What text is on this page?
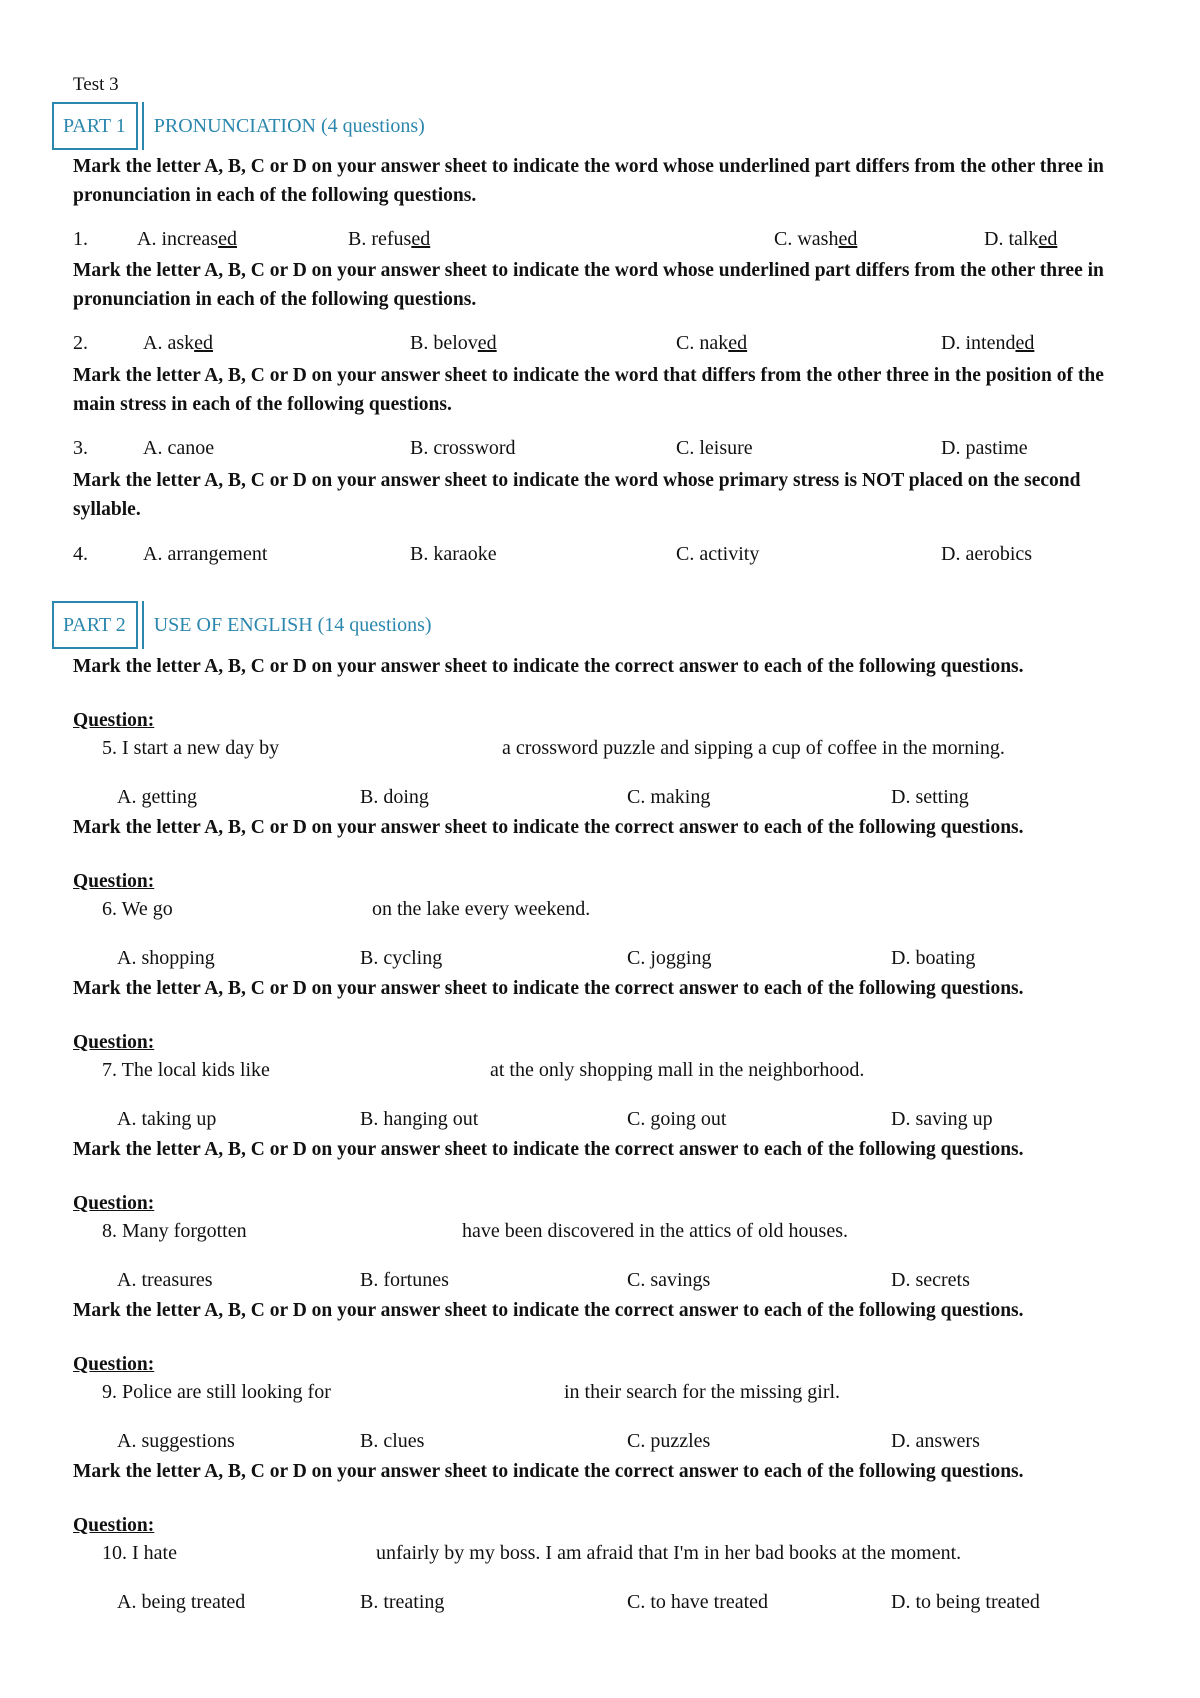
Test 3
PART 1	PRONUNCIATION (4 questions)
Mark the letter A, B, C or D on your answer sheet to indicate the word whose underlined part differs from the other three in pronunciation in each of the following questions.
1. A. increased	B. refused	C. washed	D. talked
Mark the letter A, B, C or D on your answer sheet to indicate the word whose underlined part differs from the other three in pronunciation in each of the following questions.
2.	A. asked	B. beloved	C. naked	D. intended
Mark the letter A, B, C or D on your answer sheet to indicate the word that differs from the other three in the position of the main stress in each of the following questions.
3.	A. canoe	B. crossword	C. leisure	D. pastime
Mark the letter A, B, C or D on your answer sheet to indicate the word whose primary stress is NOT placed on the second syllable.
4.	A. arrangement	B. karaoke	C. activity	D. aerobics
PART 2	USE OF ENGLISH (14 questions)
Mark the letter A, B, C or D on your answer sheet to indicate the correct answer to each of the following questions.
Question:
5. I start a new day by	a crossword puzzle and sipping a cup of coffee in the morning.
A. getting	B. doing	C. making	D. setting
Mark the letter A, B, C or D on your answer sheet to indicate the correct answer to each of the following questions.
Question:
6. We go	on the lake every weekend.
A. shopping	B. cycling	C. jogging	D. boating
Mark the letter A, B, C or D on your answer sheet to indicate the correct answer to each of the following questions.
Question:
7. The local kids like	at the only shopping mall in the neighborhood.
A. taking up	B. hanging out	C. going out	D. saving up
Mark the letter A, B, C or D on your answer sheet to indicate the correct answer to each of the following questions.
Question:
8. Many forgotten	have been discovered in the attics of old houses.
A. treasures	B. fortunes	C. savings	D. secrets
Mark the letter A, B, C or D on your answer sheet to indicate the correct answer to each of the following questions.
Question:
9. Police are still looking for	in their search for the missing girl.
A. suggestions	B. clues	C. puzzles	D. answers
Mark the letter A, B, C or D on your answer sheet to indicate the correct answer to each of the following questions.
Question:
10. I hate	unfairly by my boss. I am afraid that I'm in her bad books at the moment.
A. being treated	B. treating	C. to have treated	D. to being treated
